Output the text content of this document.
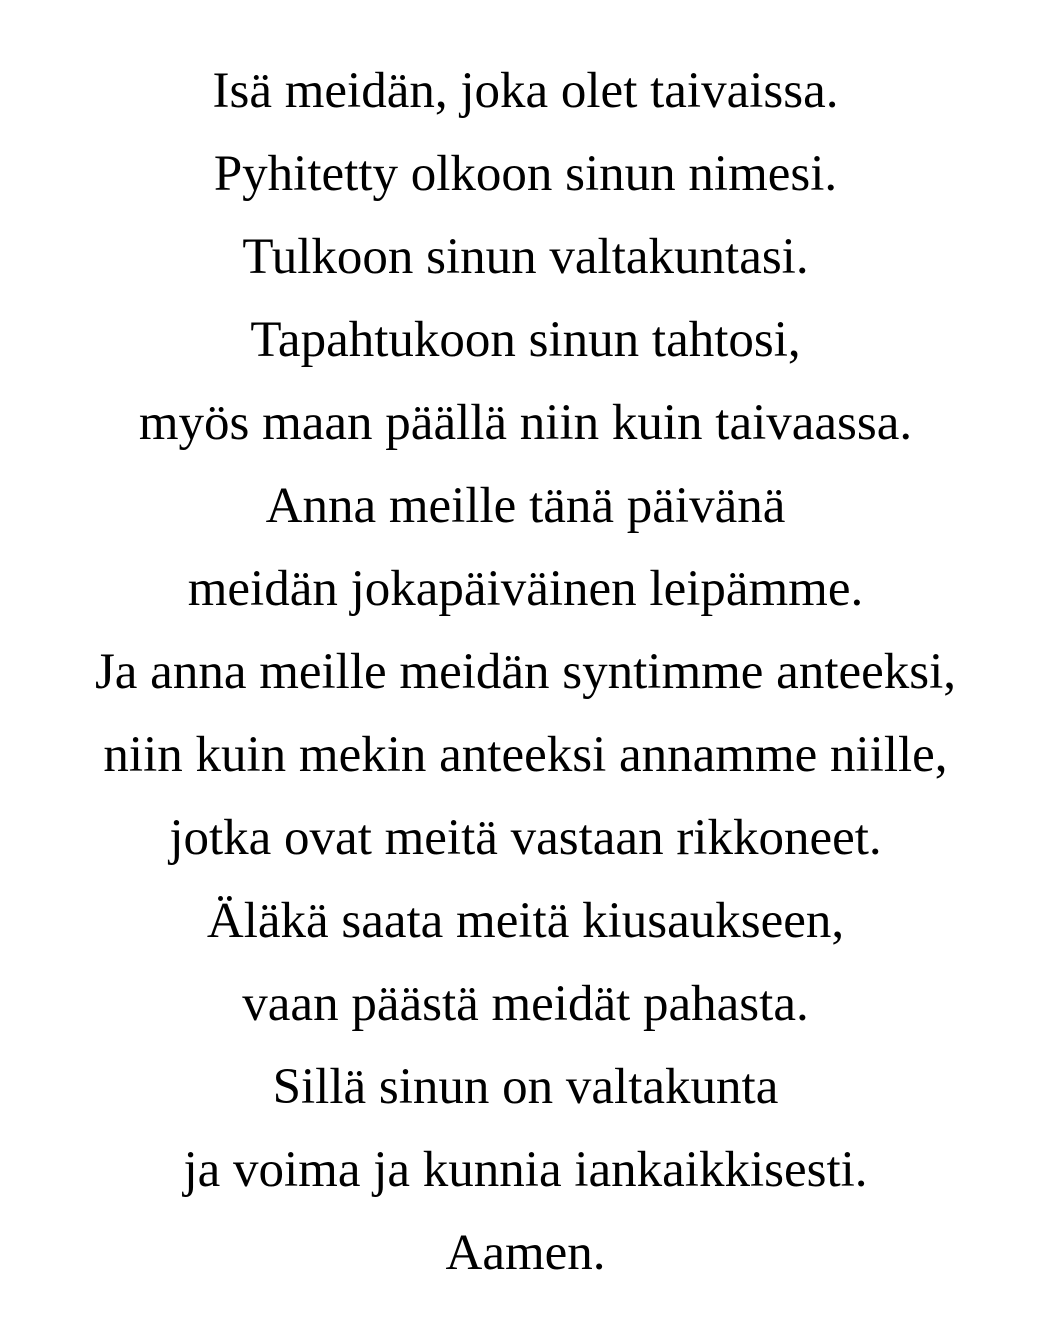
Isä meidän, joka olet taivaissa.
Pyhitetty olkoon sinun nimesi.
Tulkoon sinun valtakuntasi.
Tapahtukoon sinun tahtosi,
myös maan päällä niin kuin taivaassa.
Anna meille tänä päivänä
meidän jokapäiväinen leipämme.
Ja anna meille meidän syntimme anteeksi,
niin kuin mekin anteeksi annamme niille,
jotka ovat meitä vastaan rikkoneet.
Äläkä saata meitä kiusaukseen,
vaan päästä meidät pahasta.
Sillä sinun on valtakunta
ja voima ja kunnia iankaikkisesti.
Aamen.
